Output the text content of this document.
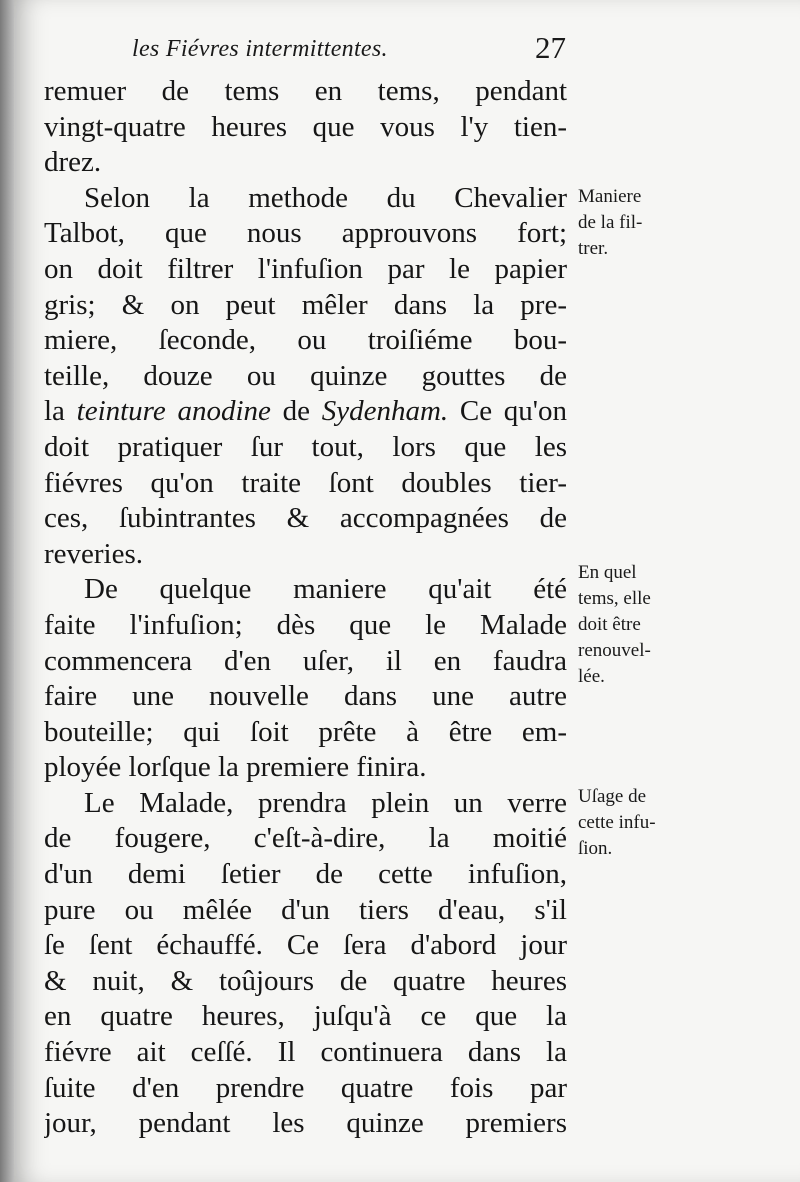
les Fiévres intermittentes.	27
remuer de tems en tems, pendant
vingt-quatre heures que vous l'y tien-
drez.
Selon la methode du Chevalier
Talbot, que nous approuvons fort;
on doit filtrer l'infuſion par le papier
gris; & on peut mêler dans la pre-
miere, ſeconde, ou troiſiéme bou-
teille, douze ou quinze gouttes de
la teinture anodine de Sydenham. Ce qu'on
doit pratiquer ſur tout, lors que les
fiévres qu'on traite ſont doubles tier-
ces, ſubintrantes & accompagnées de
reveries.
De quelque maniere qu'ait été
faite l'infuſion; dès que le Malade
commencera d'en uſer, il en faudra
faire une nouvelle dans une autre
bouteille; qui ſoit prête à être em-
ployée lorſque la premiere finira.
Le Malade, prendra plein un verre
de fougere, c'eſt-à-dire, la moitié
d'un demi ſetier de cette infuſion,
pure ou mêlée d'un tiers d'eau, s'il
ſe ſent échauffé. Ce ſera d'abord jour
& nuit, & toûjours de quatre heures
en quatre heures, juſqu'à ce que la
fiévre ait ceſſé. Il continuera dans la
ſuite d'en prendre quatre fois par
jour, pendant les quinze premiers
Maniere
de la fil-
trer.
En quel
tems, elle
doit être
renouvel-
lée.
Uſage de
cette infu-
ſion.
